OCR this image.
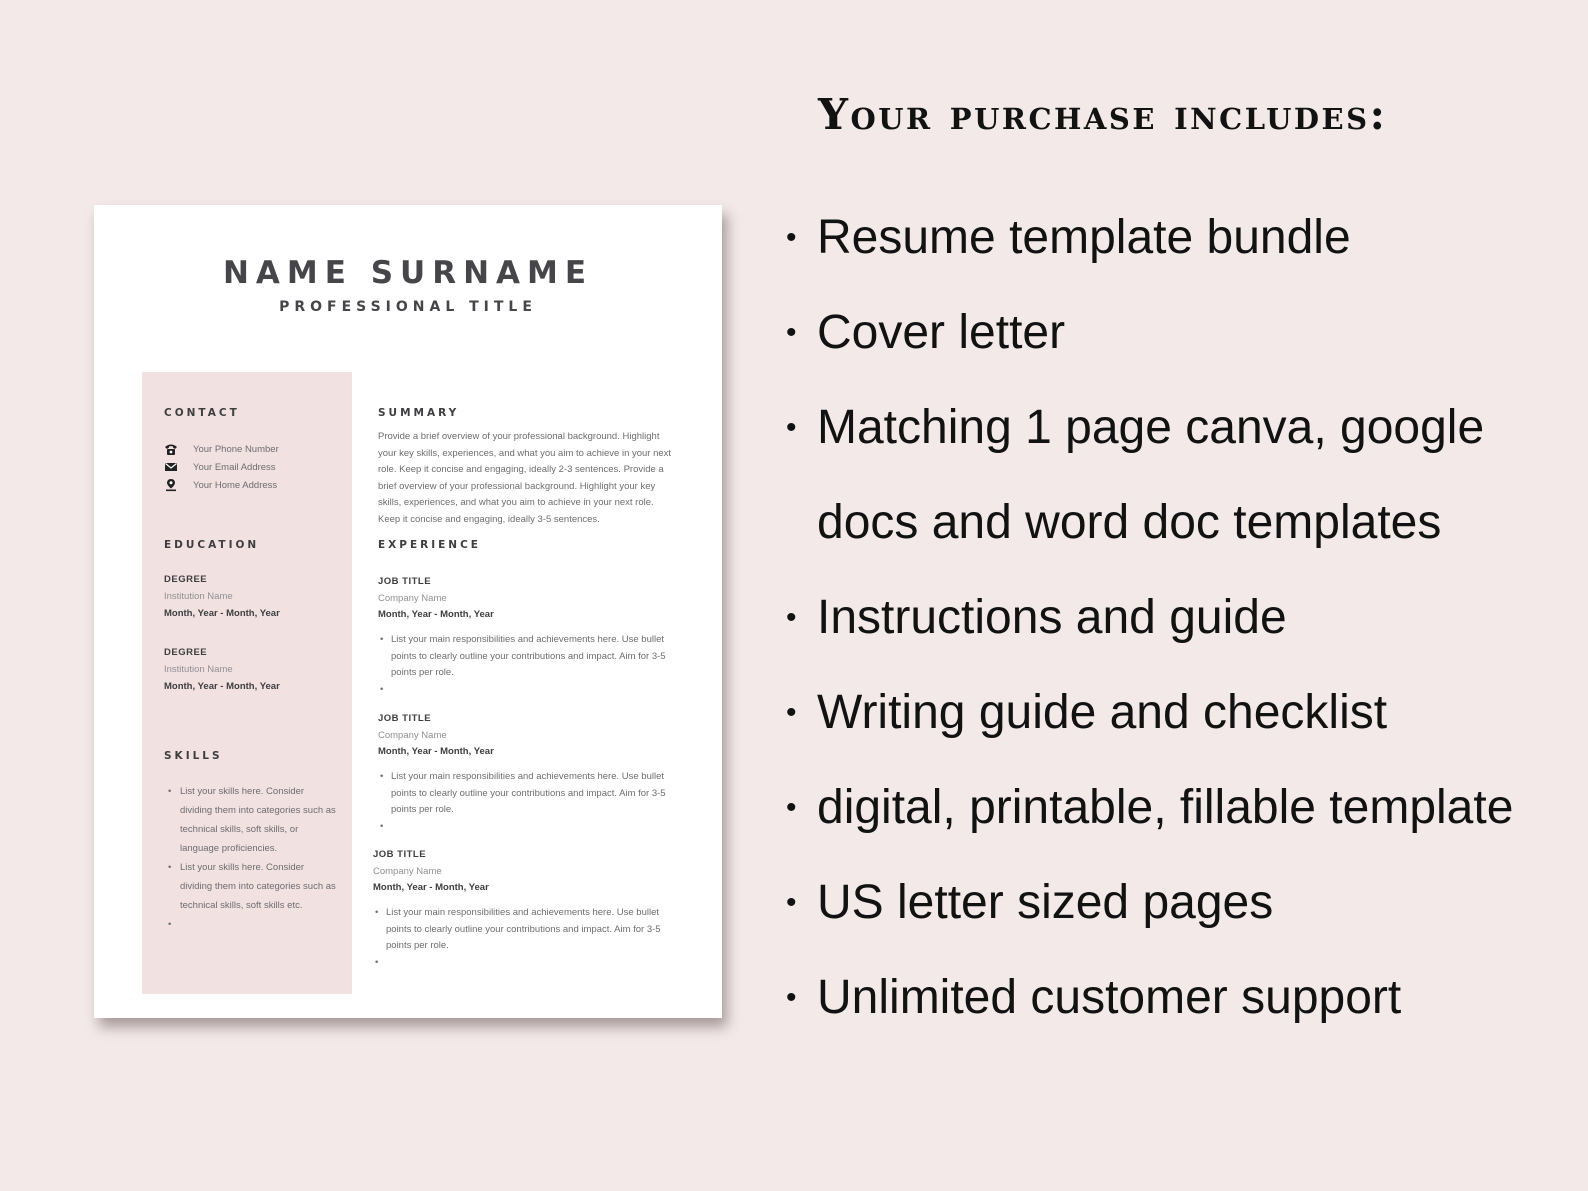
NAME SURNAME
PROFESSIONAL TITLE
CONTACT
Your Phone Number
Your Email Address
Your Home Address
EDUCATION
DEGREE
Institution Name
Month, Year - Month, Year
DEGREE
Institution Name
Month, Year - Month, Year
SKILLS
• List your skills here. Consider dividing them into categories such as technical skills, soft skills, or language proficiencies.
• List your skills here. Consider dividing them into categories such as technical skills, soft skills etc.
SUMMARY
Provide a brief overview of your professional background. Highlight your key skills, experiences, and what you aim to achieve in your next role. Keep it concise and engaging, ideally 2-3 sentences. Provide a brief overview of your professional background. Highlight your key skills, experiences, and what you aim to achieve in your next role. Keep it concise and engaging, ideally 3-5 sentences.
EXPERIENCE
JOB TITLE
Company Name
Month, Year - Month, Year
• List your main responsibilities and achievements here. Use bullet points to clearly outline your contributions and impact. Aim for 3-5 points per role.
•
JOB TITLE
Company Name
Month, Year - Month, Year
• List your main responsibilities and achievements here. Use bullet points to clearly outline your contributions and impact. Aim for 3-5 points per role.
•
JOB TITLE
Company Name
Month, Year - Month, Year
• List your main responsibilities and achievements here. Use bullet points to clearly outline your contributions and impact. Aim for 3-5 points per role.
•
Your purchase includes:
• Resume template bundle
• Cover letter
• Matching 1 page canva, google docs and word doc templates
• Instructions and guide
• Writing guide and checklist
• digital, printable, fillable template
• US letter sized pages
• Unlimited customer support
